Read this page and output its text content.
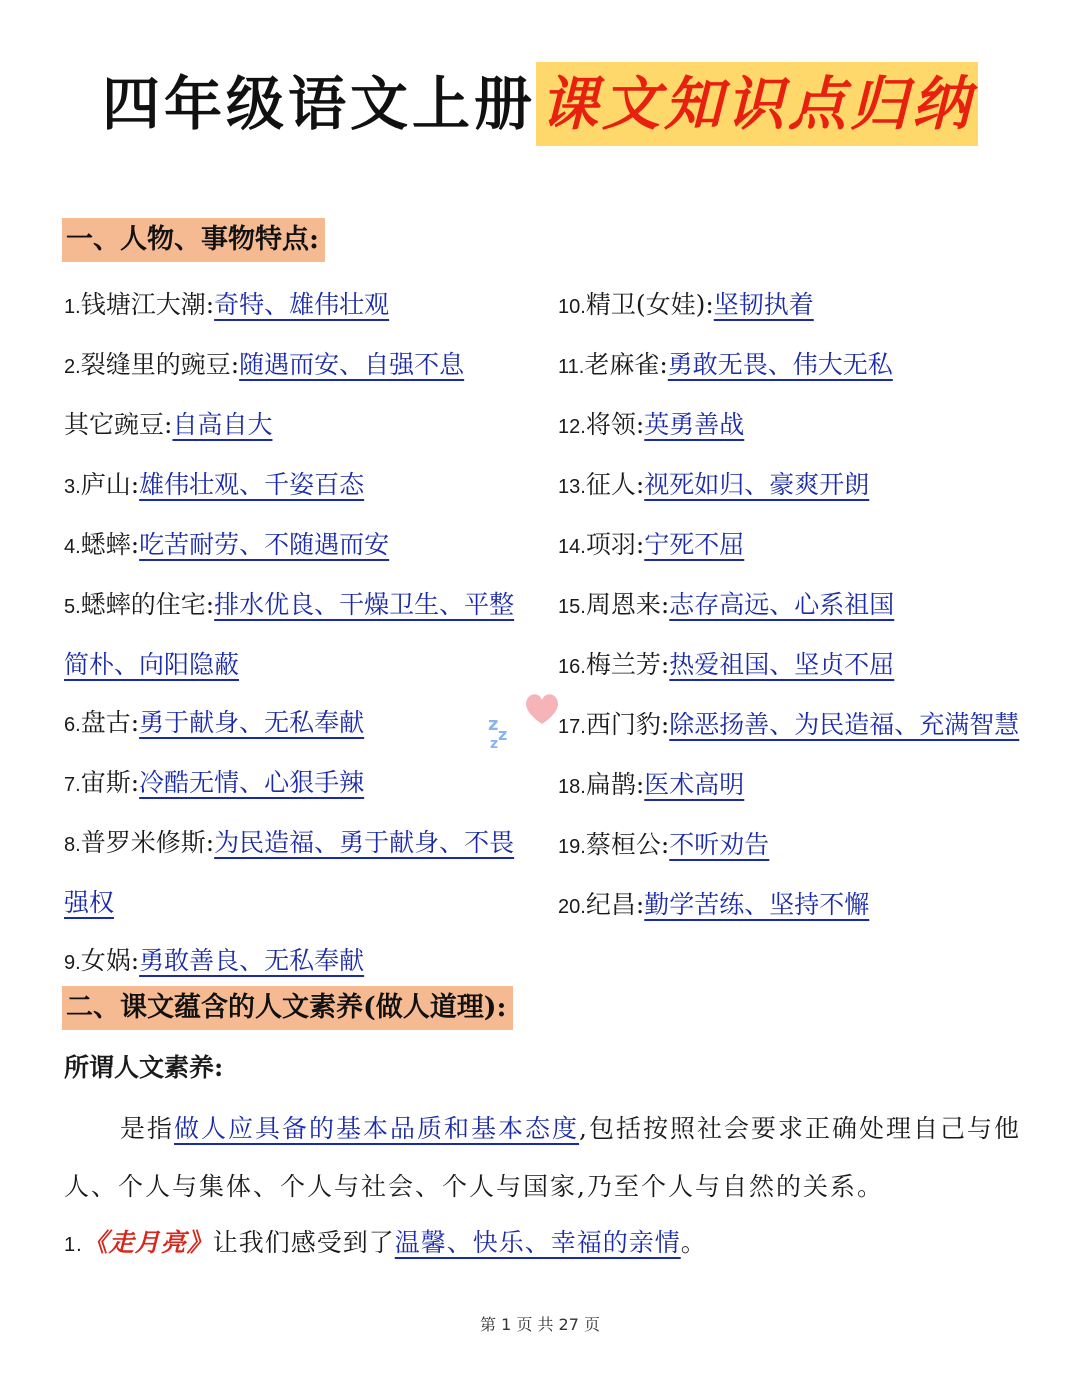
四年级语文上册 课文知识点归纳
一、人物、事物特点:
1.钱塘江大潮:奇特、雄伟壮观
2.裂缝里的豌豆:随遇而安、自强不息
其它豌豆:自高自大
3.庐山:雄伟壮观、千姿百态
4.蟋蟀:吃苦耐劳、不随遇而安
5.蟋蟀的住宅:排水优良、干燥卫生、平整简朴、向阳隐蔽
6.盘古:勇于献身、无私奉献
7.宙斯:冷酷无情、心狠手辣
8.普罗米修斯:为民造福、勇于献身、不畏强权
9.女娲:勇敢善良、无私奉献
10.精卫(女娃):坚韧执着
11.老麻雀:勇敢无畏、伟大无私
12.将领:英勇善战
13.征人:视死如归、豪爽开朗
14.项羽:宁死不屈
15.周恩来:志存高远、心系祖国
16.梅兰芳:热爱祖国、坚贞不屈
17.西门豹:除恶扬善、为民造福、充满智慧
18.扁鹊:医术高明
19.蔡桓公:不听劝告
20.纪昌:勤学苦练、坚持不懈
z z
z
二、课文蕴含的人文素养(做人道理):
所谓人文素养:
是指做人应具备的基本品质和基本态度,包括按照社会要求正确处理自己与他人、个人与集体、个人与社会、个人与国家,乃至个人与自然的关系。
1.《走月亮》让我们感受到了温馨、快乐、幸福的亲情。
第 1 页 共 27 页
